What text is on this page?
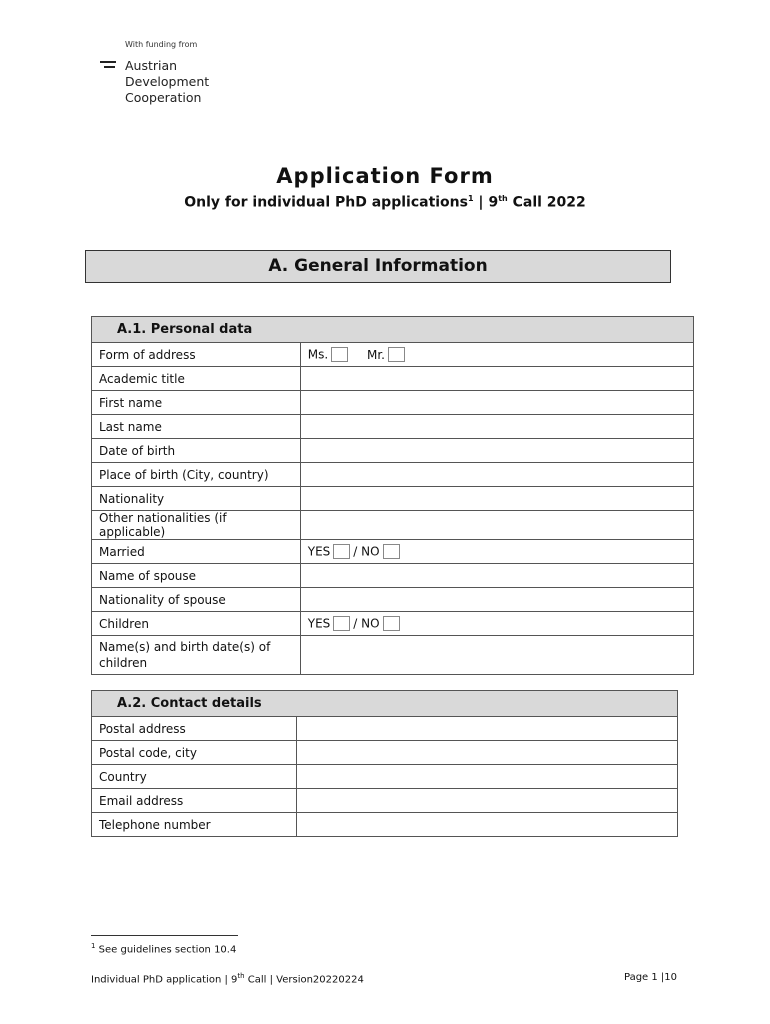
With funding from
Austrian
Development
Cooperation
Application Form
Only for individual PhD applications$^1$ | 9th Call 2022
A. General Information
A.1. Personal data	
Form of address	Ms. Mr.
Academic title	
First name	
Last name	
Date of birth	
Place of birth (City, country)	
Nationality	
Other nationalities (if applicable)	
Married	YES / NO
Name of spouse	
Nationality of spouse	
Children	YES / NO

Name(s) and birth date(s) of
children	

A.2. Contact details	
Postal address	
Postal code, city	
Country	
Email address	
Telephone number	
$^1$ See guidelines section 10.4
Individual PhD application | 9th Call | Version20220224	Page 1 |10
